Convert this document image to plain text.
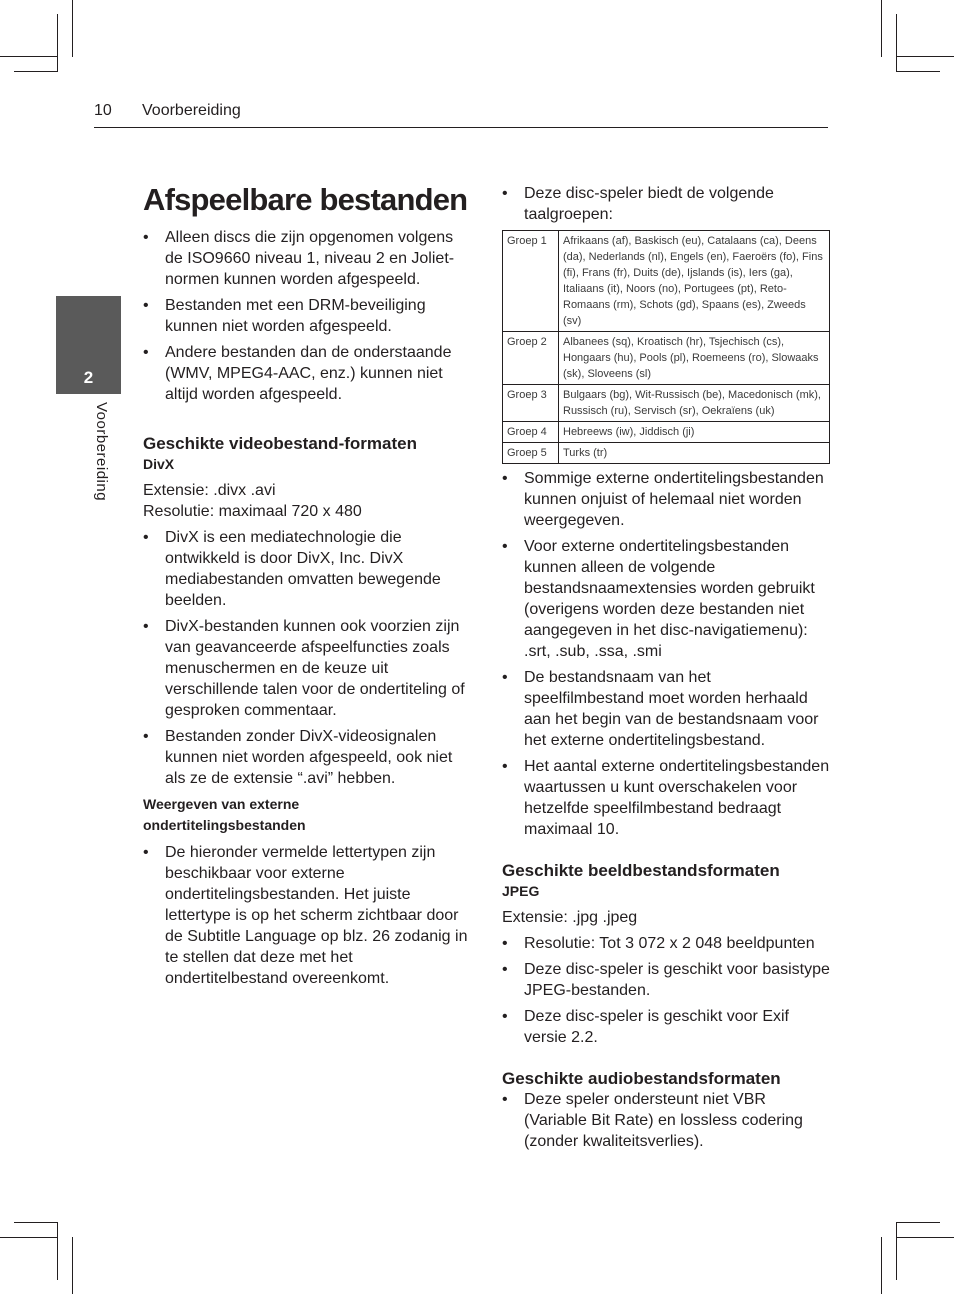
10 Voorbereiding
2
Voorbereiding
Afspeelbare bestanden
• Alleen discs die zijn opgenomen volgens de ISO9660 niveau 1, niveau 2 en Joliet-normen kunnen worden afgespeeld.
• Bestanden met een DRM-beveiliging kunnen niet worden afgespeeld.
• Andere bestanden dan de onderstaande (WMV, MPEG4-AAC, enz.) kunnen niet altijd worden afgespeeld.
Geschikte videobestand-formaten
DivX

Extensie: .divx .avi

Resolutie: maximaal 720 x 480

• DivX is een mediatechnologie die ontwikkeld is door DivX, Inc. DivX mediabestanden omvatten bewegende beelden.
• DivX-bestanden kunnen ook voorzien zijn van geavanceerde afspeelfuncties zoals menuschermen en de keuze uit verschillende talen voor de ondertiteling of gesproken commentaar.
• Bestanden zonder DivX-videosignalen kunnen niet worden afgespeeld, ook niet als ze de extensie “.avi” hebben.
Weergeven van externe ondertitelingsbestanden
• De hieronder vermelde lettertypen zijn beschikbaar voor externe ondertitelingsbestanden. Het juiste lettertype is op het scherm zichtbaar door de Subtitle Language op blz. 26 zodanig in te stellen dat deze met het ondertitelbestand overeenkomt.
• Deze disc-speler biedt de volgende taalgroepen:
Groep 1	Afrikaans (af), Baskisch (eu), Catalaans (ca), Deens (da), Nederlands (nl), Engels (en), Faeroërs (fo), Fins (fi), Frans (fr), Duits (de), Ijslands (is), Iers (ga), Italiaans (it), Noors (no), Portugees (pt), Reto-Romaans (rm), Schots (gd), Spaans (es), Zweeds (sv)
Groep 2	Albanees (sq), Kroatisch (hr), Tsjechisch (cs), Hongaars (hu), Pools (pl), Roemeens (ro), Slowaaks (sk), Sloveens (sl)
Groep 3	Bulgaars (bg), Wit-Russisch (be), Macedonisch (mk), Russisch (ru), Servisch (sr), Oekraïens (uk)
Groep 4	Hebreews (iw), Jiddisch (ji)
Groep 5	Turks (tr)
• Sommige externe ondertitelingsbestanden kunnen onjuist of helemaal niet worden weergegeven.
• Voor externe ondertitelingsbestanden kunnen alleen de volgende bestandsnaamextensies worden gebruikt (overigens worden deze bestanden niet aangegeven in het disc-navigatiemenu): .srt, .sub, .ssa, .smi
• De bestandsnaam van het speelfilmbestand moet worden herhaald aan het begin van de bestandsnaam voor het externe ondertitelingsbestand.
• Het aantal externe ondertitelingsbestanden waartussen u kunt overschakelen voor hetzelfde speelfilmbestand bedraagt maximaal 10.
Geschikte beeldbestandsformaten
JPEG

Extensie: .jpg .jpeg

• Resolutie: Tot 3 072 x 2 048 beeldpunten
• Deze disc-speler is geschikt voor basistype JPEG-bestanden.
• Deze disc-speler is geschikt voor Exif versie 2.2.
Geschikte audiobestandsformaten
• Deze speler ondersteunt niet VBR (Variable Bit Rate) en lossless codering (zonder kwaliteitsverlies).
